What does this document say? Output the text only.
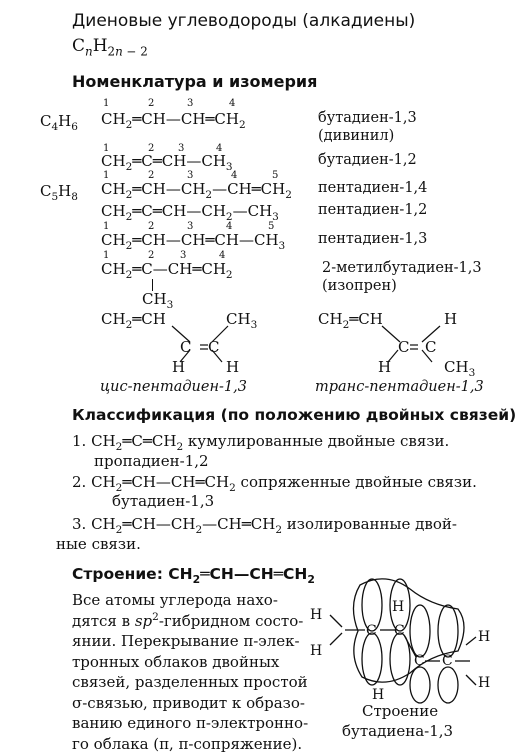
Диеновые углеводороды (алкадиены)
$C_nH_{2n - 2}$
Номенклатура и изомерия
$C_4H_6$
$C_5H_8$
1	2	3	4
$CH_2═CH—CH═CH_2$	бутадиен-1,3
(дивинил)
1	2 3	4
$CH_2═C═CH—CH_3$	бутадиен-1,2
1	2	3	4	5
$CH_2═CH—CH_2—CH═CH_2$ пентадиен-1,4
$CH_2═C═CH—CH_2—CH_3$	пентадиен-1,2
1	2	3	4	5
$CH_2═CH—CH═CH—CH_3$ пентадиен-1,3
1	2	3	4
$CH_2═C—CH═CH_2$
$CH_3$
2-метилбутадиен-1,3
(изопрен)
$CH_2═CH$	$CH_3$
C C
H	H
$CH_2═CH$	H
C C
H	$CH_3$
цис-пентадиен-1,3	транс-пентадиен-1,3
Классификация (по положению двойных связей)
1. $CH_2═C═CH_2$ кумулированные двойные связи.
пропадиен-1,2
2. $CH_2═CH—CH═CH_2$ сопряженные двойные связи.
бутадиен-1,3
3. $CH_2═CH—CH_2—CH═CH_2$ изолированные двой-
ные связи.
Строение: $CH_2═CH—CH═CH_2$
Все атомы углерода нахо-
дятся в $sp^2$-гибридном состо-
янии. Перекрывание π-элек-
тронных облаков двойных
связей, разделенных простой
σ-связью, приводит к образо-
ванию единого π-электронно-
го облака (π, π-сопряжение).
H
H
H
H
H
H
C C
C C
Строение
бутадиена-1,3
